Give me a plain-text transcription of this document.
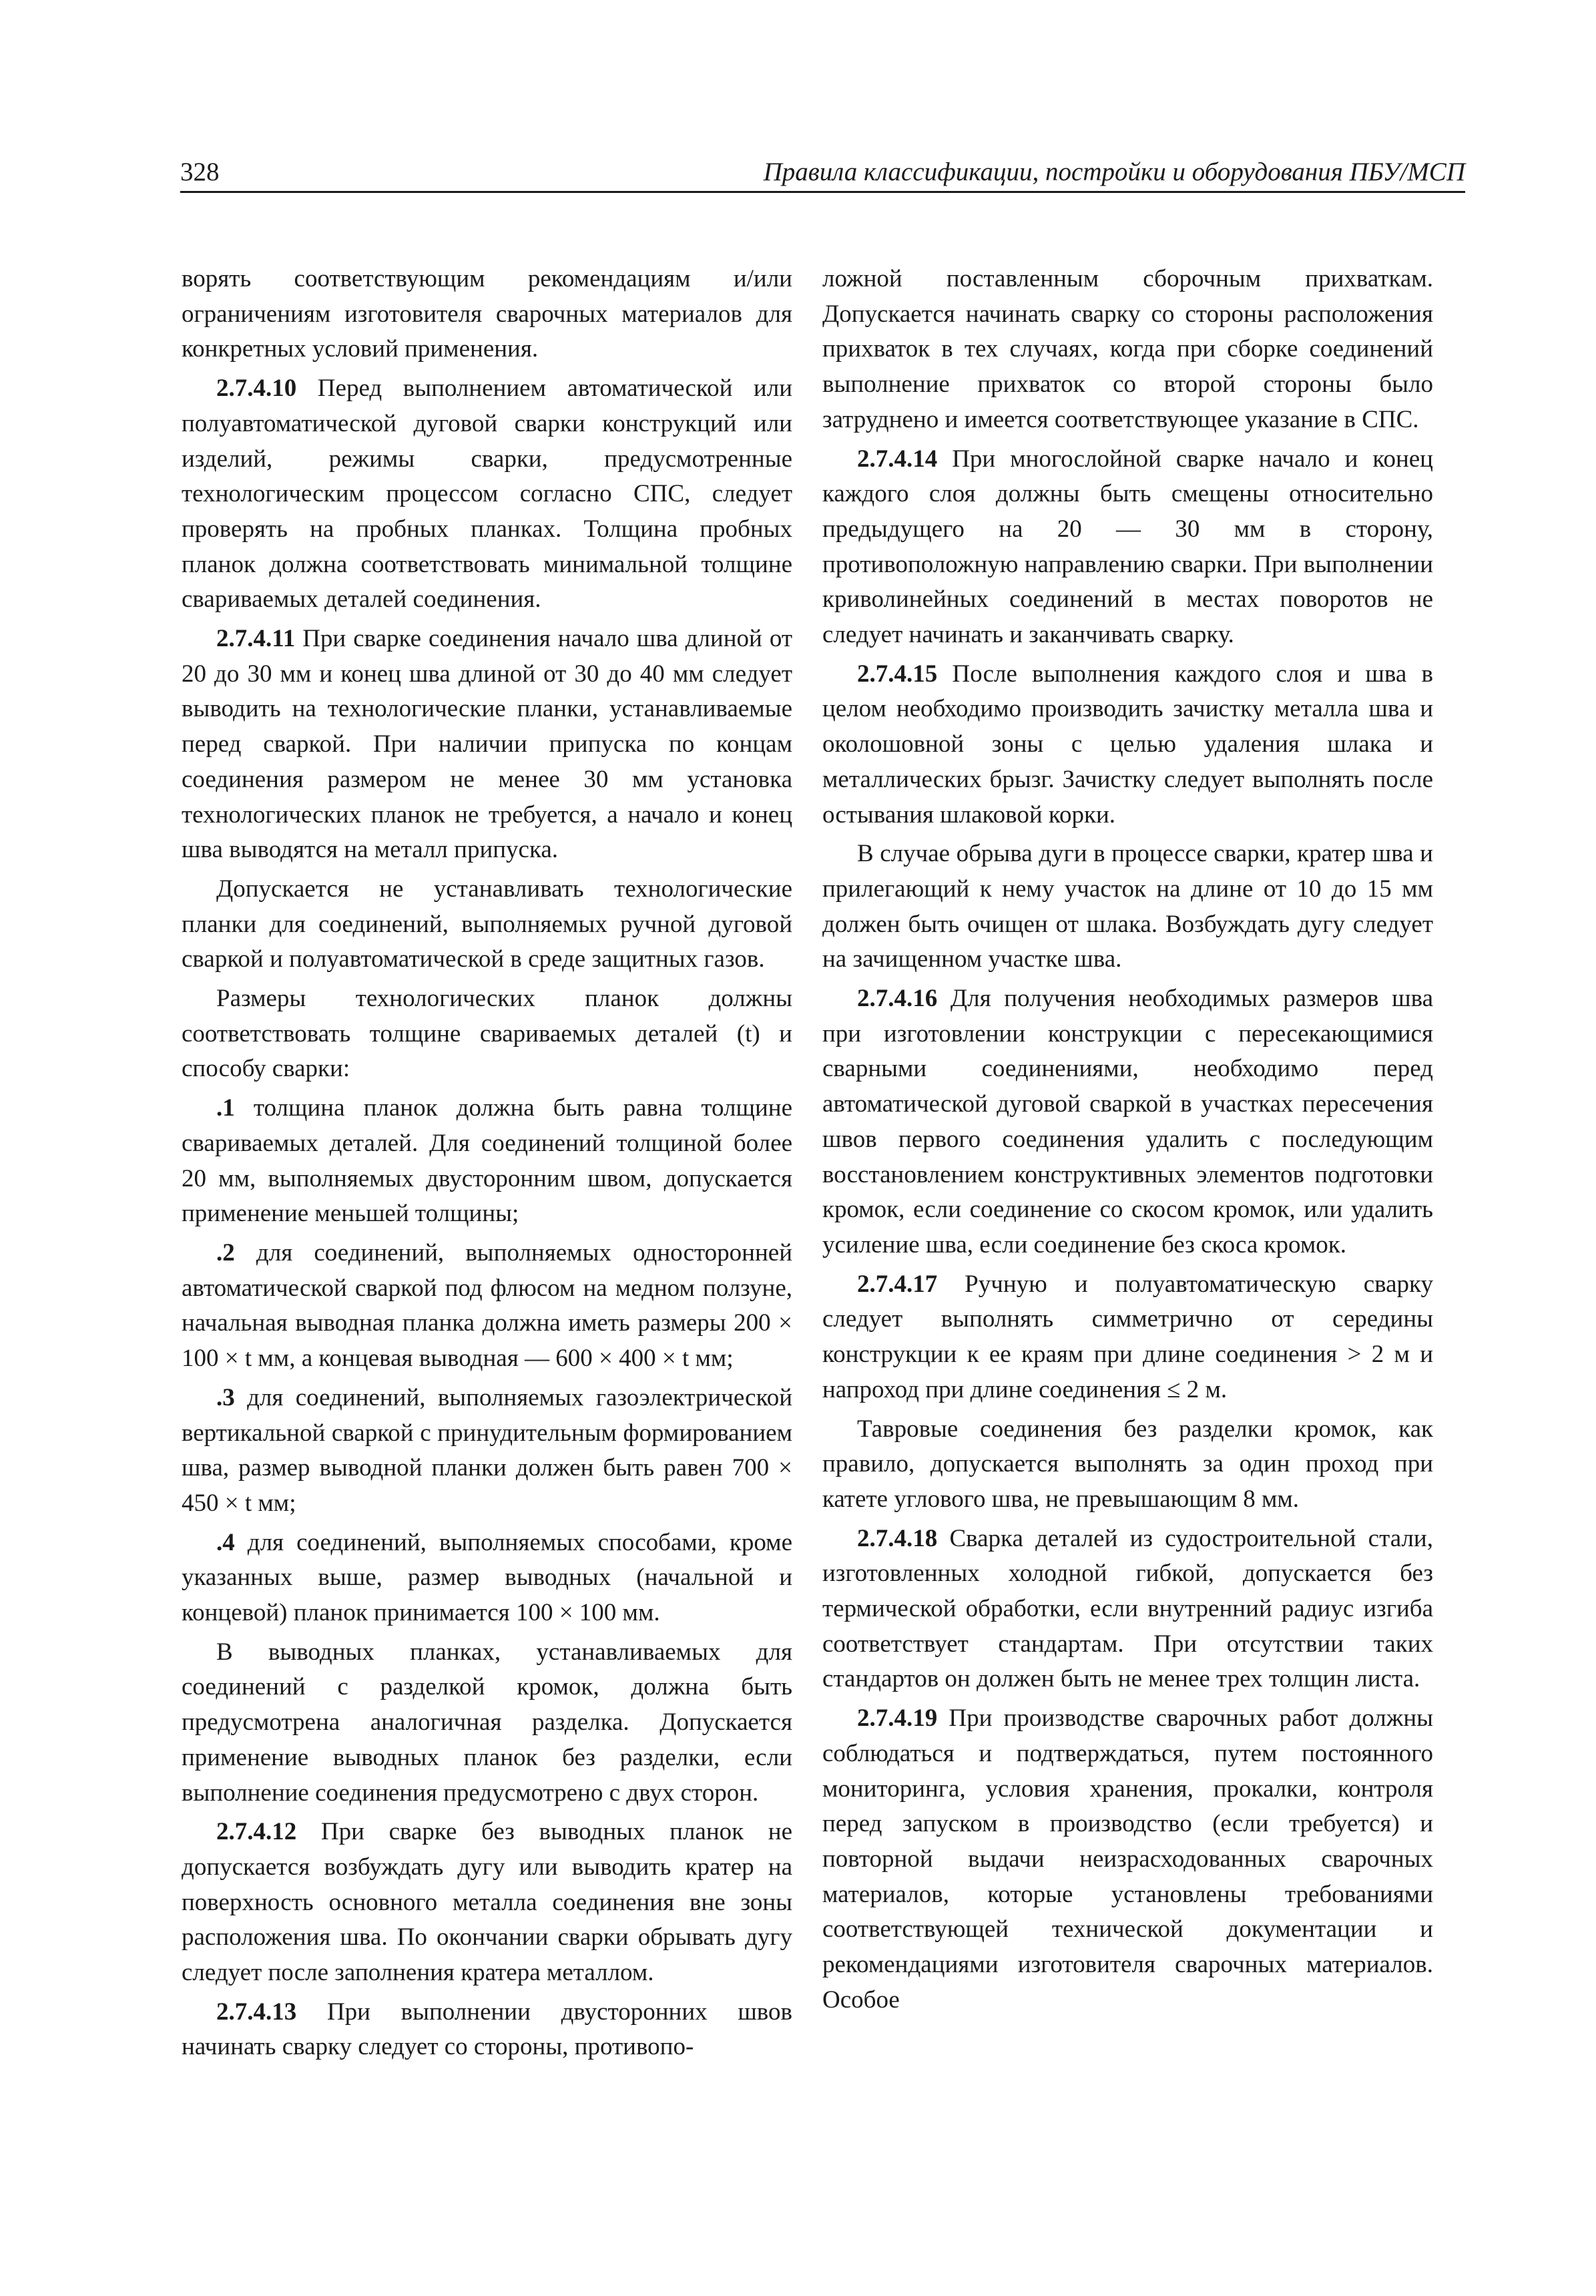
328	Правила классификации, постройки и оборудования ПБУ/МСП

ворять соответствующим рекомендациям и/или ограничениям изготовителя сварочных материалов для конкретных условий применения.

2.7.4.10 Перед выполнением автоматической или полуавтоматической дуговой сварки конструкций или изделий, режимы сварки, предусмотренные технологическим процессом согласно СПС, следует проверять на пробных планках. Толщина пробных планок должна соответствовать минимальной толщине свариваемых деталей соединения.

2.7.4.11 При сварке соединения начало шва длиной от 20 до 30 мм и конец шва длиной от 30 до 40 мм следует выводить на технологические планки, устанавливаемые перед сваркой. При наличии припуска по концам соединения размером не менее 30 мм установка технологических планок не требуется, а начало и конец шва выводятся на металл припуска.

Допускается не устанавливать технологические планки для соединений, выполняемых ручной дуговой сваркой и полуавтоматической в среде защитных газов.

Размеры технологических планок должны соответствовать толщине свариваемых деталей (t) и способу сварки:

.1 толщина планок должна быть равна толщине свариваемых деталей. Для соединений толщиной более 20 мм, выполняемых двусторонним швом, допускается применение меньшей толщины;

.2 для соединений, выполняемых односторонней автоматической сваркой под флюсом на медном ползуне, начальная выводная планка должна иметь размеры 200 × 100 × t мм, а концевая выводная — 600 × 400 × t мм;

.3 для соединений, выполняемых газоэлектрической вертикальной сваркой с принудительным формированием шва, размер выводной планки должен быть равен 700 × 450 × t мм;

.4 для соединений, выполняемых способами, кроме указанных выше, размер выводных (начальной и концевой) планок принимается 100 × 100 мм.

В выводных планках, устанавливаемых для соединений с разделкой кромок, должна быть предусмотрена аналогичная разделка. Допускается применение выводных планок без разделки, если выполнение соединения предусмотрено с двух сторон.

2.7.4.12 При сварке без выводных планок не допускается возбуждать дугу или выводить кратер на поверхность основного металла соединения вне зоны расположения шва. По окончании сварки обрывать дугу следует после заполнения кратера металлом.

2.7.4.13 При выполнении двусторонних швов начинать сварку следует со стороны, противопо-

ложной поставленным сборочным прихваткам. Допускается начинать сварку со стороны расположения прихваток в тех случаях, когда при сборке соединений выполнение прихваток со второй стороны было затруднено и имеется соответствующее указание в СПС.

2.7.4.14 При многослойной сварке начало и конец каждого слоя должны быть смещены относительно предыдущего на 20 — 30 мм в сторону, противоположную направлению сварки. При выполнении криволинейных соединений в местах поворотов не следует начинать и заканчивать сварку.

2.7.4.15 После выполнения каждого слоя и шва в целом необходимо производить зачистку металла шва и околошовной зоны с целью удаления шлака и металлических брызг. Зачистку следует выполнять после остывания шлаковой корки.

В случае обрыва дуги в процессе сварки, кратер шва и прилегающий к нему участок на длине от 10 до 15 мм должен быть очищен от шлака. Возбуждать дугу следует на зачищенном участке шва.

2.7.4.16 Для получения необходимых размеров шва при изготовлении конструкции с пересекающимися сварными соединениями, необходимо перед автоматической дуговой сваркой в участках пересечения швов первого соединения удалить с последующим восстановлением конструктивных элементов подготовки кромок, если соединение со скосом кромок, или удалить усиление шва, если соединение без скоса кромок.

2.7.4.17 Ручную и полуавтоматическую сварку следует выполнять симметрично от середины конструкции к ее краям при длине соединения > 2 м и напроход при длине соединения ≤ 2 м.

Тавровые соединения без разделки кромок, как правило, допускается выполнять за один проход при катете углового шва, не превышающим 8 мм.

2.7.4.18 Сварка деталей из судостроительной стали, изготовленных холодной гибкой, допускается без термической обработки, если внутренний радиус изгиба соответствует стандартам. При отсутствии таких стандартов он должен быть не менее трех толщин листа.

2.7.4.19 При производстве сварочных работ должны соблюдаться и подтверждаться, путем постоянного мониторинга, условия хранения, прокалки, контроля перед запуском в производство (если требуется) и повторной выдачи неизрасходованных сварочных материалов, которые установлены требованиями соответствующей технической документации и рекомендациями изготовителя сварочных материалов. Особое
